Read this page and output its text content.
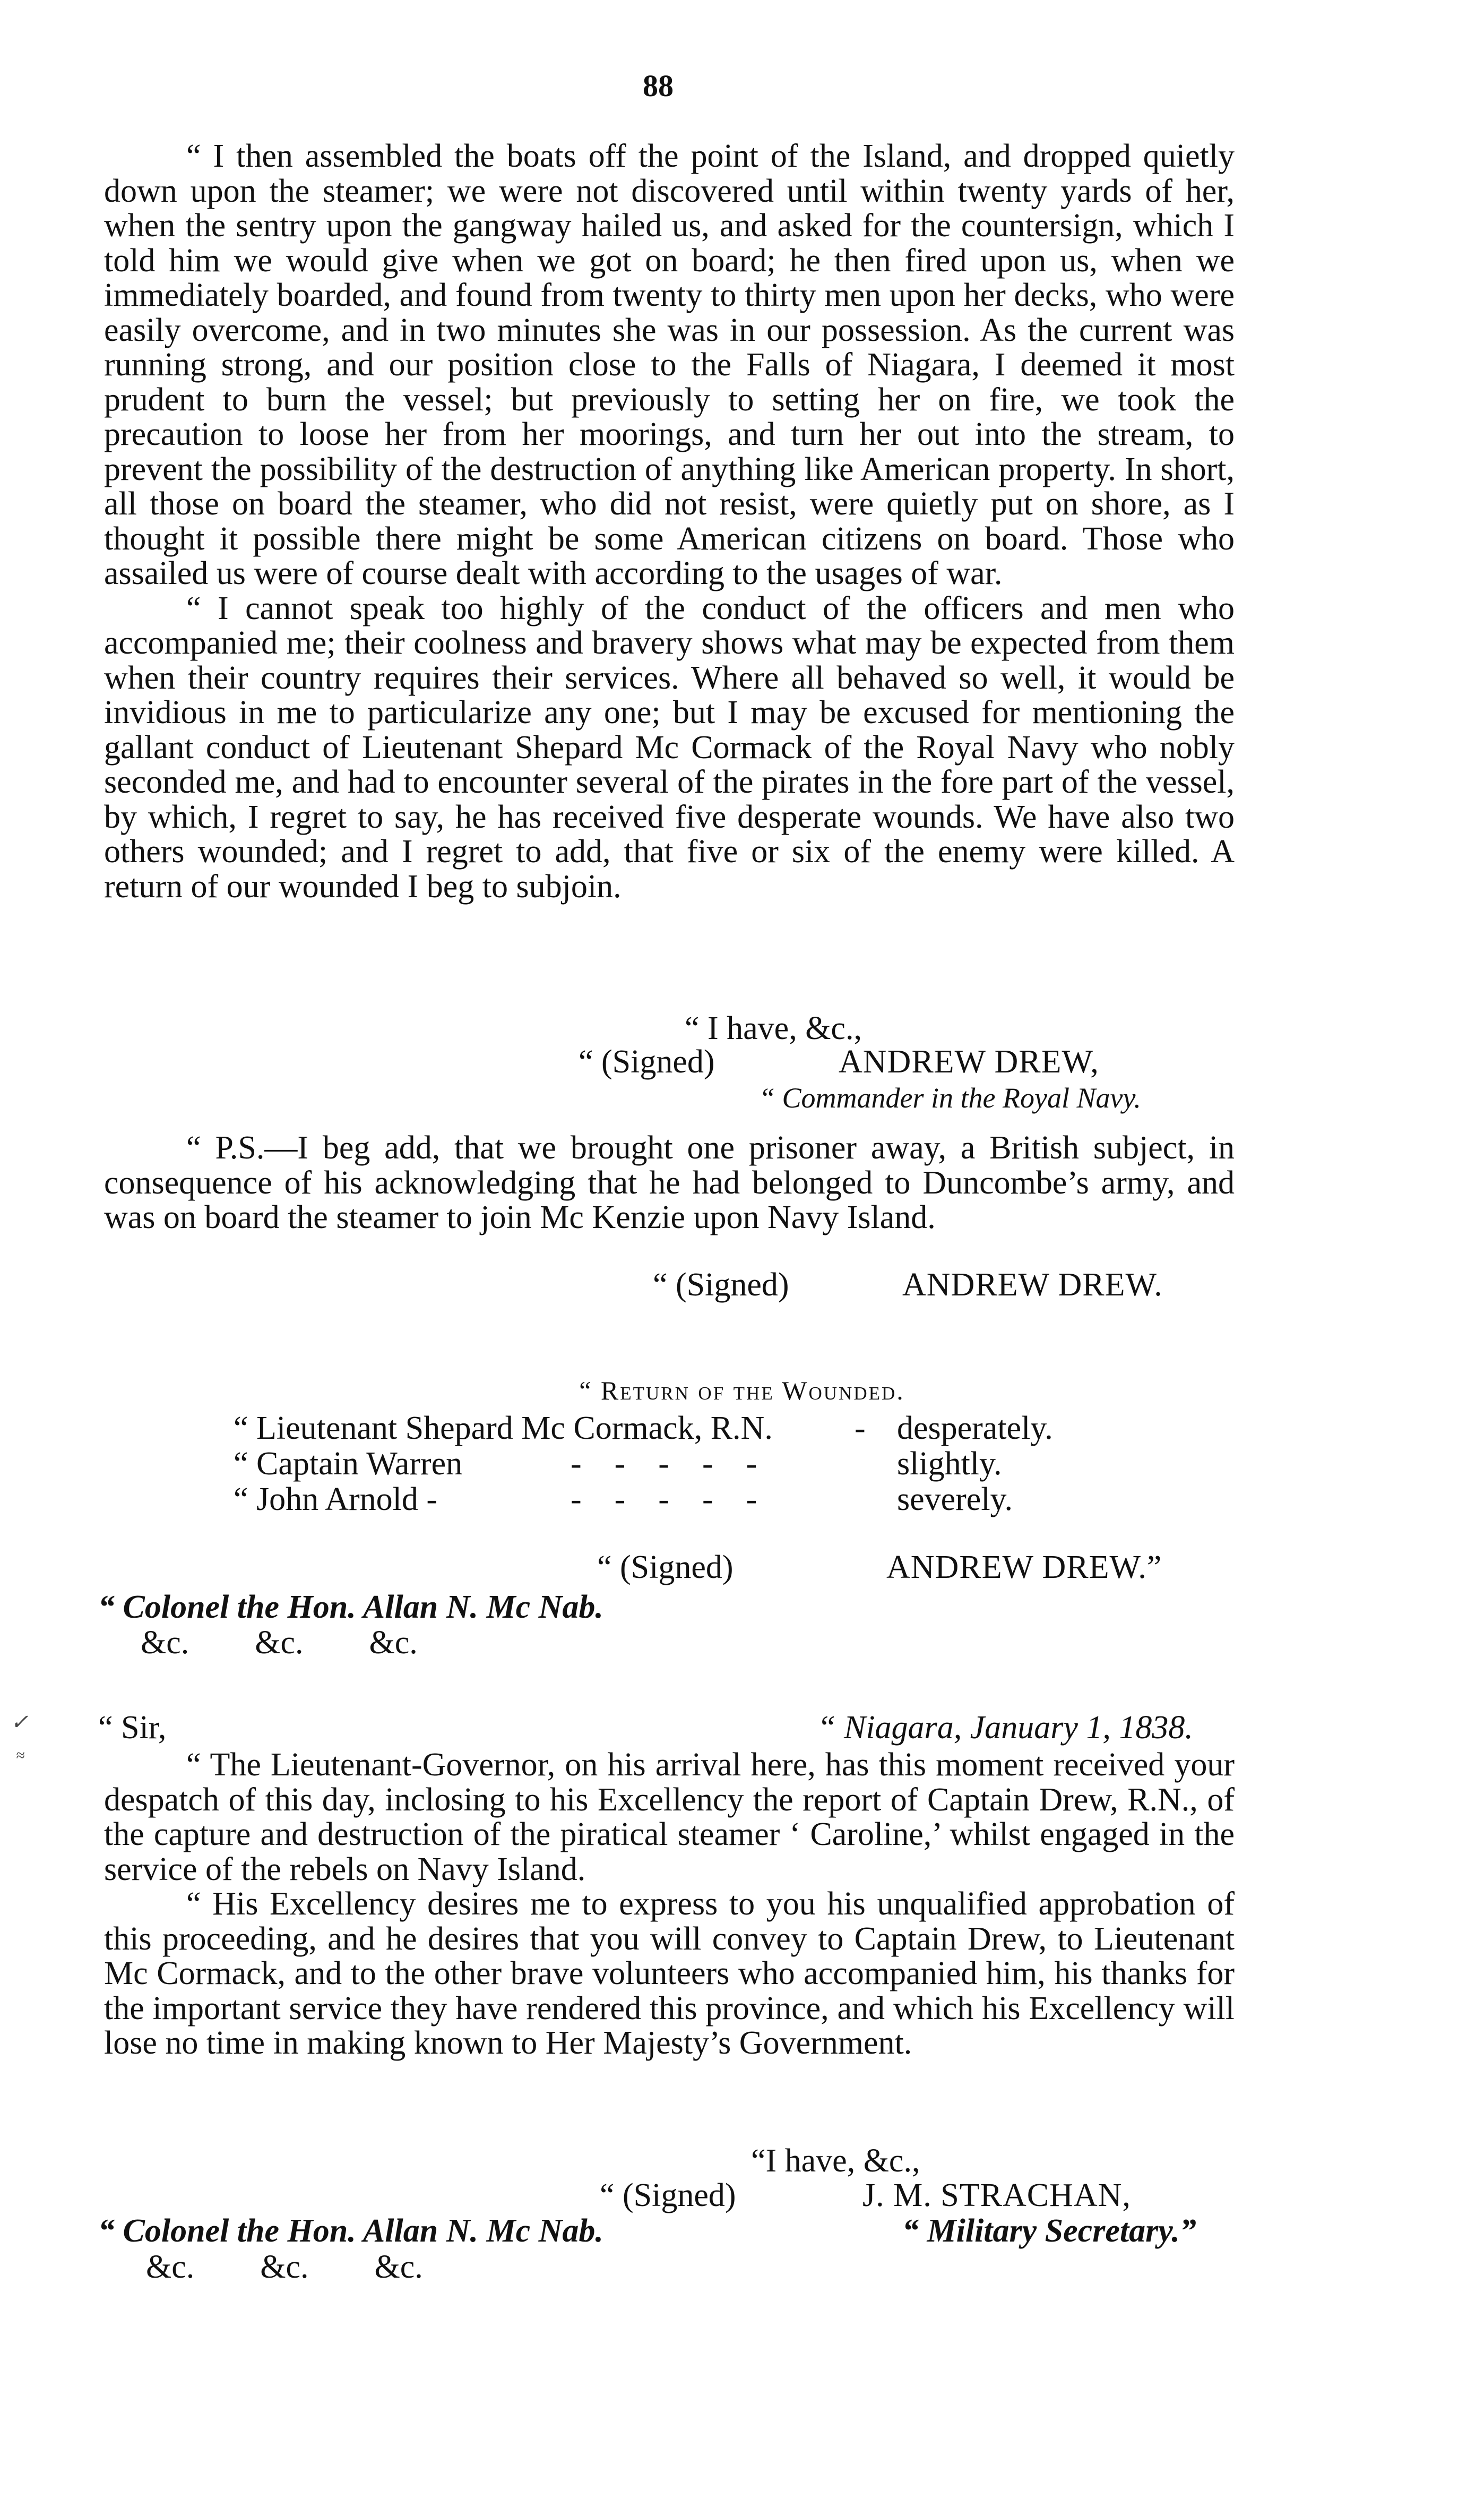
88

“ I then assembled the boats off the point of the Island, and dropped quietly down upon the steamer; we were not discovered until within twenty yards of her, when the sentry upon the gangway hailed us, and asked for the countersign, which I told him we would give when we got on board; he then fired upon us, when we immediately boarded, and found from twenty to thirty men upon her decks, who were easily overcome, and in two minutes she was in our possession. As the current was running strong, and our position close to the Falls of Niagara, I deemed it most prudent to burn the vessel; but previously to setting her on fire, we took the precaution to loose her from her moorings, and turn her out into the stream, to prevent the possibility of the destruction of anything like American property. In short, all those on board the steamer, who did not resist, were quietly put on shore, as I thought it possible there might be some American citizens on board. Those who assailed us were of course dealt with according to the usages of war.

“ I cannot speak too highly of the conduct of the officers and men who accompanied me; their coolness and bravery shows what may be expected from them when their country requires their services. Where all behaved so well, it would be invidious in me to particularize any one; but I may be excused for mentioning the gallant conduct of Lieutenant Shepard Mc Cormack of the Royal Navy who nobly seconded me, and had to encounter several of the pirates in the fore part of the vessel, by which, I regret to say, he has received five desperate wounds. We have also two others wounded; and I regret to add, that five or six of the enemy were killed. A return of our wounded I beg to subjoin.

“ I have, &c.,
“ (Signed)	ANDREW DREW,
“ Commander in the Royal Navy.

“ P.S.—I beg add, that we brought one prisoner away, a British subject, in consequence of his acknowledging that he had belonged to Duncombe’s army, and was on board the steamer to join Mc Kenzie upon Navy Island.

“ (Signed)	ANDREW DREW.
“ Return of the Wounded.
“ Lieutenant Shepard Mc Cormack, R.N. - desperately.
“ Captain Warren	-    -    -    -    -	slightly.
“ John Arnold -	-    -    -    -    -	severely.
“ (Signed)	ANDREW DREW.”
“ Colonel the Hon. Allan N. Mc Nab.
&c.        &c.        &c.
✓
≈
“ Sir,	“ Niagara, January 1, 1838.

“ The Lieutenant-Governor, on his arrival here, has this moment received your despatch of this day, inclosing to his Excellency the report of Captain Drew, R.N., of the capture and destruction of the piratical steamer ‘ Caroline,’ whilst engaged in the service of the rebels on Navy Island.

“ His Excellency desires me to express to you his unqualified approbation of this proceeding, and he desires that you will convey to Captain Drew, to Lieutenant Mc Cormack, and to the other brave volunteers who accompanied him, his thanks for the important service they have rendered this province, and which his Excellency will lose no time in making known to Her Majesty’s Government.

“I have, &c.,
“ (Signed)	J. M. STRACHAN,
“ Colonel the Hon. Allan N. Mc Nab.	“ Military Secretary.”
&c.        &c.        &c.
